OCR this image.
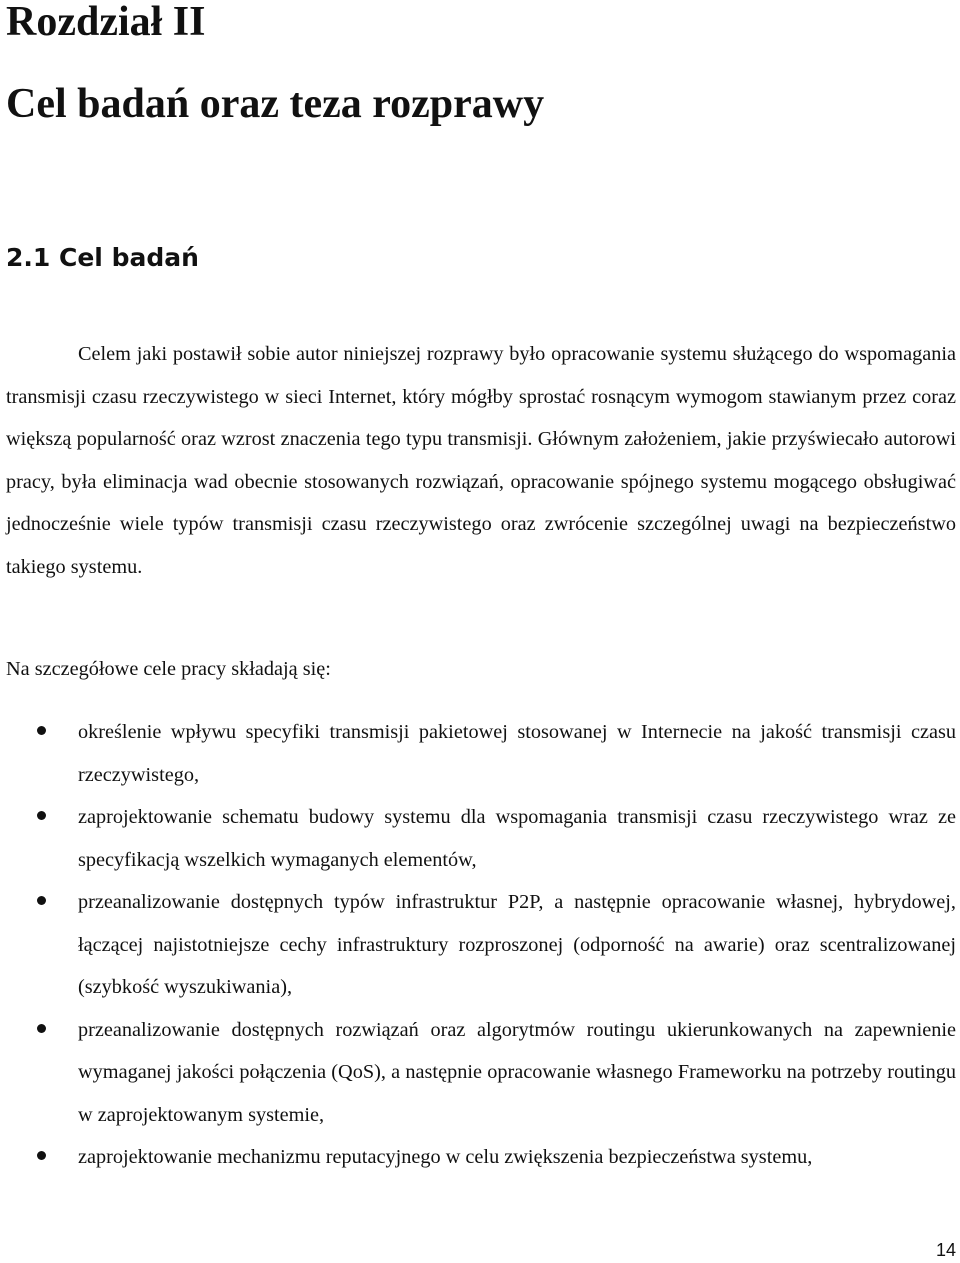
Rozdział II
Cel badań oraz teza rozprawy
2.1 Cel badań

Celem jaki postawił sobie autor niniejszej rozprawy było opracowanie systemu służącego do wspomagania transmisji czasu rzeczywistego w sieci Internet, który mógłby sprostać rosnącym wymogom stawianym przez coraz większą popularność oraz wzrost znaczenia tego typu transmisji. Głównym założeniem, jakie przyświecało autorowi pracy, była eliminacja wad obecnie stosowanych rozwiązań, opracowanie spójnego systemu mogącego obsługiwać jednocześnie wiele typów transmisji czasu rzeczywistego oraz zwrócenie szczególnej uwagi na bezpieczeństwo takiego systemu.

Na szczegółowe cele pracy składają się:

określenie wpływu specyfiki transmisji pakietowej stosowanej w Internecie na jakość transmisji czasu rzeczywistego,
zaprojektowanie schematu budowy systemu dla wspomagania transmisji czasu rzeczywistego wraz ze specyfikacją wszelkich wymaganych elementów,
przeanalizowanie dostępnych typów infrastruktur P2P, a następnie opracowanie własnej, hybrydowej, łączącej najistotniejsze cechy infrastruktury rozproszonej (odporność na awarie) oraz scentralizowanej (szybkość wyszukiwania),
przeanalizowanie dostępnych rozwiązań oraz algorytmów routingu ukierunkowanych na zapewnienie wymaganej jakości połączenia (QoS), a następnie opracowanie własnego Frameworku na potrzeby routingu w zaprojektowanym systemie,
zaprojektowanie mechanizmu reputacyjnego w celu zwiększenia bezpieczeństwa systemu,
14
